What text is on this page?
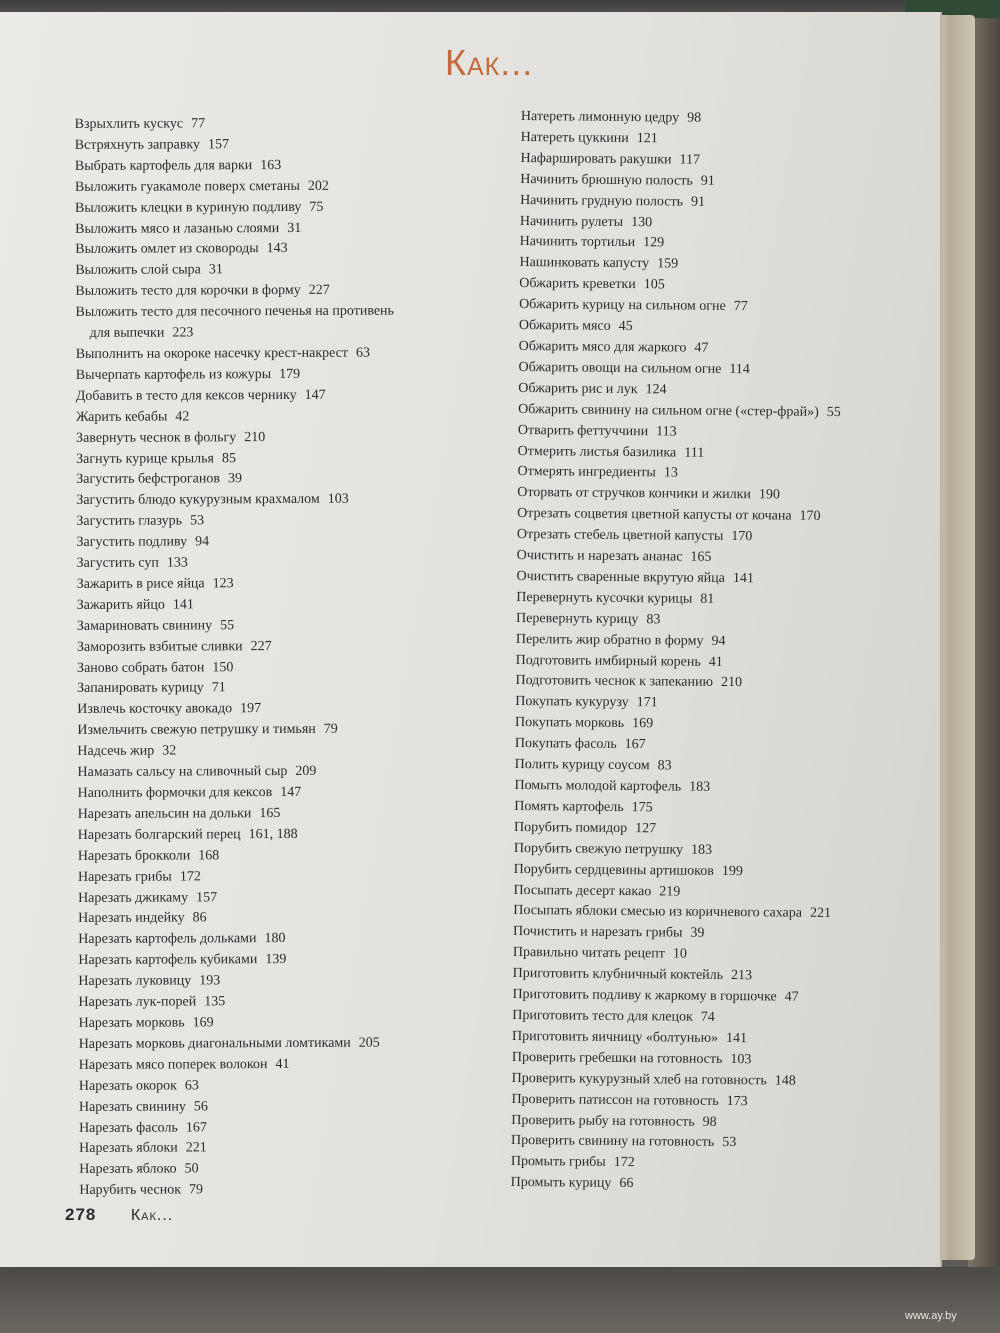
Как...
Взрыхлить кускус 77
Встряхнуть заправку 157
Выбрать картофель для варки 163
Выложить гуакамоле поверх сметаны 202
Выложить клецки в куриную подливу 75
Выложить мясо и лазанью слоями 31
Выложить омлет из сковороды 143
Выложить слой сыра 31
Выложить тесто для корочки в форму 227
Выложить тесто для песочного печенья на противень
для выпечки 223
Выполнить на окороке насечку крест-накрест 63
Вычерпать картофель из кожуры 179
Добавить в тесто для кексов чернику 147
Жарить кебабы 42
Завернуть чеснок в фольгу 210
Загнуть курице крылья 85
Загустить бефстроганов 39
Загустить блюдо кукурузным крахмалом 103
Загустить глазурь 53
Загустить подливу 94
Загустить суп 133
Зажарить в рисе яйца 123
Зажарить яйцо 141
Замариновать свинину 55
Заморозить взбитые сливки 227
Заново собрать батон 150
Запанировать курицу 71
Извлечь косточку авокадо 197
Измельчить свежую петрушку и тимьян 79
Надсечь жир 32
Намазать сальсу на сливочный сыр 209
Наполнить формочки для кексов 147
Нарезать апельсин на дольки 165
Нарезать болгарский перец 161, 188
Нарезать брокколи 168
Нарезать грибы 172
Нарезать джикаму 157
Нарезать индейку 86
Нарезать картофель дольками 180
Нарезать картофель кубиками 139
Нарезать луковицу 193
Нарезать лук-порей 135
Нарезать морковь 169
Нарезать морковь диагональными ломтиками 205
Нарезать мясо поперек волокон 41
Нарезать окорок 63
Нарезать свинину 56
Нарезать фасоль 167
Нарезать яблоки 221
Нарезать яблоко 50
Нарубить чеснок 79
Натереть лимонную цедру 98
Натереть цуккини 121
Нафаршировать ракушки 117
Начинить брюшную полость 91
Начинить грудную полость 91
Начинить рулеты 130
Начинить тортильи 129
Нашинковать капусту 159
Обжарить креветки 105
Обжарить курицу на сильном огне 77
Обжарить мясо 45
Обжарить мясо для жаркого 47
Обжарить овощи на сильном огне 114
Обжарить рис и лук 124
Обжарить свинину на сильном огне («стер-фрай») 55
Отварить феттуччини 113
Отмерить листья базилика 111
Отмерять ингредиенты 13
Оторвать от стручков кончики и жилки 190
Отрезать соцветия цветной капусты от кочана 170
Отрезать стебель цветной капусты 170
Очистить и нарезать ананас 165
Очистить сваренные вкрутую яйца 141
Перевернуть кусочки курицы 81
Перевернуть курицу 83
Перелить жир обратно в форму 94
Подготовить имбирный корень 41
Подготовить чеснок к запеканию 210
Покупать кукурузу 171
Покупать морковь 169
Покупать фасоль 167
Полить курицу соусом 83
Помыть молодой картофель 183
Помять картофель 175
Порубить помидор 127
Порубить свежую петрушку 183
Порубить сердцевины артишоков 199
Посыпать десерт какао 219
Посыпать яблоки смесью из коричневого сахара 221
Почистить и нарезать грибы 39
Правильно читать рецепт 10
Приготовить клубничный коктейль 213
Приготовить подливу к жаркому в горшочке 47
Приготовить тесто для клецок 74
Приготовить яичницу «болтунью» 141
Проверить гребешки на готовность 103
Проверить кукурузный хлеб на готовность 148
Проверить патиссон на готовность 173
Проверить рыбу на готовность 98
Проверить свинину на готовность 53
Промыть грибы 172
Промыть курицу 66
278 Как...
www.ay.by
